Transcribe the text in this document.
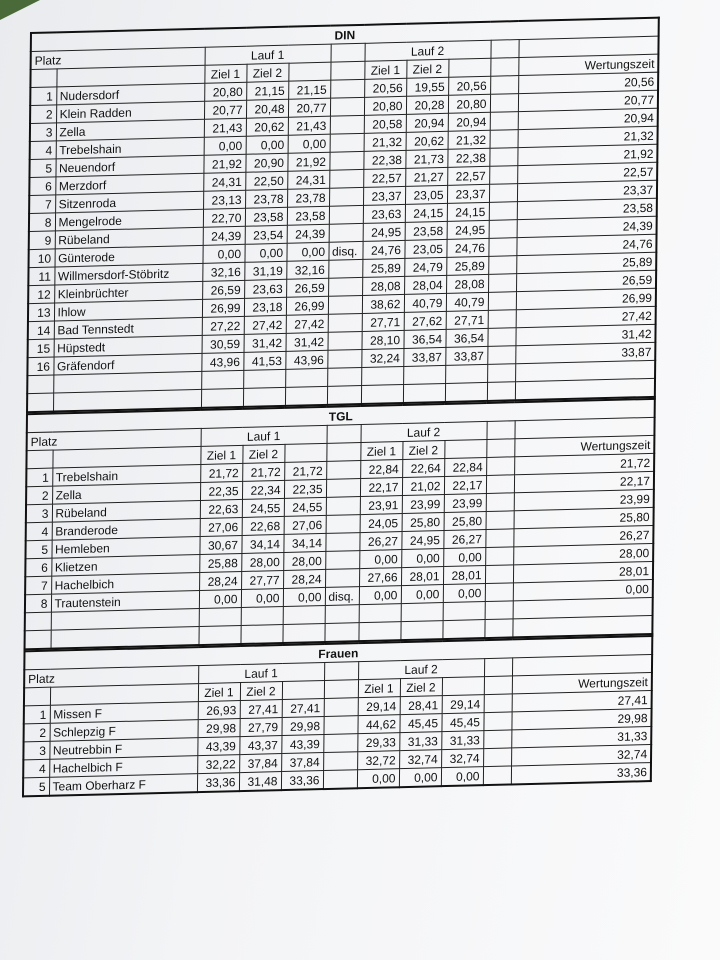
DIN										
Platz		Lauf 1				Lauf 2				
		Ziel 1	Ziel 2			Ziel 1	Ziel 2			Wertungszeit
1	Nudersdorf	20,80	21,15	21,15		20,56	19,55	20,56		20,56
2	Klein Radden	20,77	20,48	20,77		20,80	20,28	20,80		20,77
3	Zella	21,43	20,62	21,43		20,58	20,94	20,94		20,94
4	Trebelshain	0,00	0,00	0,00		21,32	20,62	21,32		21,32
5	Neuendorf	21,92	20,90	21,92		22,38	21,73	22,38		21,92
6	Merzdorf	24,31	22,50	24,31		22,57	21,27	22,57		22,57
7	Sitzenroda	23,13	23,78	23,78		23,37	23,05	23,37		23,37
8	Mengelrode	22,70	23,58	23,58		23,63	24,15	24,15		23,58
9	Rübeland	24,39	23,54	24,39		24,95	23,58	24,95		24,39
10	Günterode	0,00	0,00	0,00	disq.	24,76	23,05	24,76		24,76
11	Willmersdorf-Stöbritz	32,16	31,19	32,16		25,89	24,79	25,89		25,89
12	Kleinbrüchter	26,59	23,63	26,59		28,08	28,04	28,08		26,59
13	Ihlow	26,99	23,18	26,99		38,62	40,79	40,79		26,99
14	Bad Tennstedt	27,22	27,42	27,42		27,71	27,62	27,71		27,42
15	Hüpstedt	30,59	31,42	31,42		28,10	36,54	36,54		31,42
16	Gräfendorf	43,96	41,53	43,96		32,24	33,87	33,87		33,87

TGL										
Platz		Lauf 1				Lauf 2				
		Ziel 1	Ziel 2			Ziel 1	Ziel 2			Wertungszeit
1	Trebelshain	21,72	21,72	21,72		22,84	22,64	22,84		21,72
2	Zella	22,35	22,34	22,35		22,17	21,02	22,17		22,17
3	Rübeland	22,63	24,55	24,55		23,91	23,99	23,99		23,99
4	Branderode	27,06	22,68	27,06		24,05	25,80	25,80		25,80
5	Hemleben	30,67	34,14	34,14		26,27	24,95	26,27		26,27
6	Klietzen	25,88	28,00	28,00		0,00	0,00	0,00		28,00
7	Hachelbich	28,24	27,77	28,24		27,66	28,01	28,01		28,01
8	Trautenstein	0,00	0,00	0,00	disq.	0,00	0,00	0,00		0,00

Frauen										
Platz		Lauf 1				Lauf 2				
		Ziel 1	Ziel 2			Ziel 1	Ziel 2			Wertungszeit
1	Missen F	26,93	27,41	27,41		29,14	28,41	29,14		27,41
2	Schlepzig F	29,98	27,79	29,98		44,62	45,45	45,45		29,98
3	Neutrebbin F	43,39	43,37	43,39		29,33	31,33	31,33		31,33
4	Hachelbich F	32,22	37,84	37,84		32,72	32,74	32,74		32,74
5	Team Oberharz F	33,36	31,48	33,36		0,00	0,00	0,00		33,36
